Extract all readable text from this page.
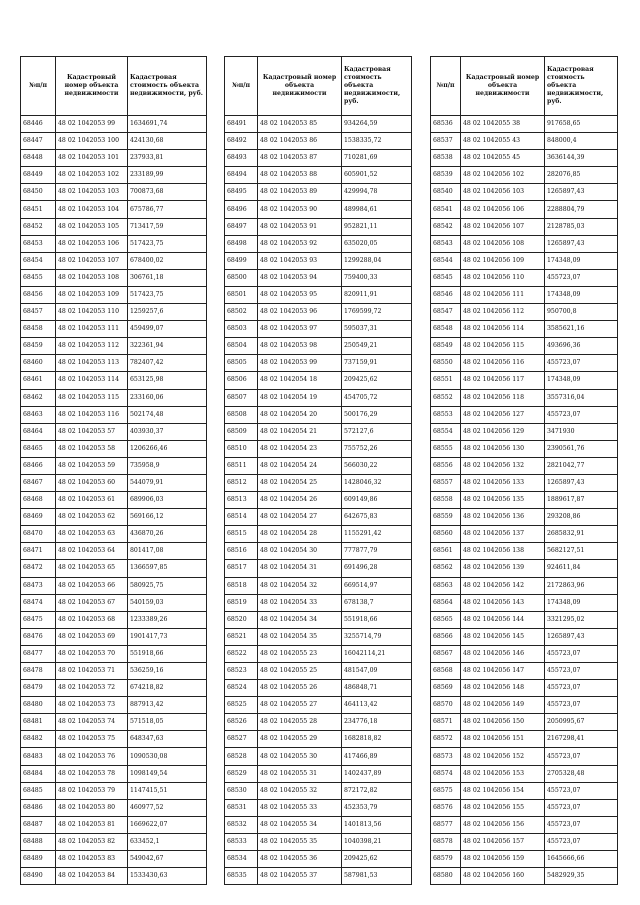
№п/п	Кадастровый номер объекта недвижимости	Кадастровая стоимость объекта недвижимости, руб.
68446	48 02 1042053 99	1634691,74
68447	48 02 1042053 100	424130,68
68448	48 02 1042053 101	237933,81
68449	48 02 1042053 102	233189,99
68450	48 02 1042053 103	700873,68
68451	48 02 1042053 104	675786,77
68452	48 02 1042053 105	713417,59
68453	48 02 1042053 106	517423,75
68454	48 02 1042053 107	678400,02
68455	48 02 1042053 108	306761,18
68456	48 02 1042053 109	517423,75
68457	48 02 1042053 110	1259257,6
68458	48 02 1042053 111	459499,07
68459	48 02 1042053 112	322361,94
68460	48 02 1042053 113	782407,42
68461	48 02 1042053 114	653125,98
68462	48 02 1042053 115	233160,06
68463	48 02 1042053 116	502174,48
68464	48 02 1042053 57	403930,37
68465	48 02 1042053 58	1206266,46
68466	48 02 1042053 59	735958,9
68467	48 02 1042053 60	544079,91
68468	48 02 1042053 61	689906,03
68469	48 02 1042053 62	569166,12
68470	48 02 1042053 63	436870,26
68471	48 02 1042053 64	801417,08
68472	48 02 1042053 65	1366597,85
68473	48 02 1042053 66	580925,75
68474	48 02 1042053 67	540159,03
68475	48 02 1042053 68	1233389,26
68476	48 02 1042053 69	1901417,73
68477	48 02 1042053 70	551918,66
68478	48 02 1042053 71	536259,16
68479	48 02 1042053 72	674218,82
68480	48 02 1042053 73	887913,42
68481	48 02 1042053 74	571518,05
68482	48 02 1042053 75	648347,63
68483	48 02 1042053 76	1090530,08
68484	48 02 1042053 78	1098149,54
68485	48 02 1042053 79	1147415,51
68486	48 02 1042053 80	460977,52
68487	48 02 1042053 81	1669622,07
68488	48 02 1042053 82	633452,1
68489	48 02 1042053 83	549042,67
68490	48 02 1042053 84	1533430,63
№п/п	Кадастровый номер объекта недвижимости	Кадастровая стоимость объекта недвижимости, руб.
68491	48 02 1042053 85	934264,59
68492	48 02 1042053 86	1538335,72
68493	48 02 1042053 87	710281,69
68494	48 02 1042053 88	605901,52
68495	48 02 1042053 89	429994,78
68496	48 02 1042053 90	489984,61
68497	48 02 1042053 91	952821,11
68498	48 02 1042053 92	635020,05
68499	48 02 1042053 93	1299288,04
68500	48 02 1042053 94	759400,33
68501	48 02 1042053 95	820911,91
68502	48 02 1042053 96	1769599,72
68503	48 02 1042053 97	595037,31
68504	48 02 1042053 98	250549,21
68505	48 02 1042053 99	737159,91
68506	48 02 1042054 18	209425,62
68507	48 02 1042054 19	454705,72
68508	48 02 1042054 20	500176,29
68509	48 02 1042054 21	572127,6
68510	48 02 1042054 23	755752,26
68511	48 02 1042054 24	566030,22
68512	48 02 1042054 25	1428046,32
68513	48 02 1042054 26	609149,86
68514	48 02 1042054 27	642675,83
68515	48 02 1042054 28	1155291,42
68516	48 02 1042054 30	777877,79
68517	48 02 1042054 31	691496,28
68518	48 02 1042054 32	669514,97
68519	48 02 1042054 33	678138,7
68520	48 02 1042054 34	551918,66
68521	48 02 1042054 35	3255714,79
68522	48 02 1042055 23	16042114,21
68523	48 02 1042055 25	481547,09
68524	48 02 1042055 26	486848,71
68525	48 02 1042055 27	464113,42
68526	48 02 1042055 28	234776,18
68527	48 02 1042055 29	1682818,82
68528	48 02 1042055 30	417466,89
68529	48 02 1042055 31	1402437,89
68530	48 02 1042055 32	872172,82
68531	48 02 1042055 33	452353,79
68532	48 02 1042055 34	1401813,56
68533	48 02 1042055 35	1040398,21
68534	48 02 1042055 36	209425,62
68535	48 02 1042055 37	587981,53
№п/п	Кадастровый номер объекта недвижимости	Кадастровая стоимость объекта недвижимости, руб.
68536	48 02 1042055 38	917658,65
68537	48 02 1042055 43	848000,4
68538	48 02 1042055 45	3636144,39
68539	48 02 1042056 102	282076,85
68540	48 02 1042056 103	1265897,43
68541	48 02 1042056 106	2288804,79
68542	48 02 1042056 107	2128785,03
68543	48 02 1042056 108	1265897,43
68544	48 02 1042056 109	174348,09
68545	48 02 1042056 110	455723,07
68546	48 02 1042056 111	174348,09
68547	48 02 1042056 112	950700,8
68548	48 02 1042056 114	3585621,16
68549	48 02 1042056 115	493696,36
68550	48 02 1042056 116	455723,07
68551	48 02 1042056 117	174348,09
68552	48 02 1042056 118	3557316,04
68553	48 02 1042056 127	455723,07
68554	48 02 1042056 129	3471930
68555	48 02 1042056 130	2390561,76
68556	48 02 1042056 132	2821042,77
68557	48 02 1042056 133	1265897,43
68558	48 02 1042056 135	1889617,87
68559	48 02 1042056 136	293208,86
68560	48 02 1042056 137	2685832,91
68561	48 02 1042056 138	5682127,51
68562	48 02 1042056 139	924611,84
68563	48 02 1042056 142	2172863,96
68564	48 02 1042056 143	174348,09
68565	48 02 1042056 144	3321295,02
68566	48 02 1042056 145	1265897,43
68567	48 02 1042056 146	455723,07
68568	48 02 1042056 147	455723,07
68569	48 02 1042056 148	455723,07
68570	48 02 1042056 149	455723,07
68571	48 02 1042056 150	2050995,67
68572	48 02 1042056 151	2167298,41
68573	48 02 1042056 152	455723,07
68574	48 02 1042056 153	2705328,48
68575	48 02 1042056 154	455723,07
68576	48 02 1042056 155	455723,07
68577	48 02 1042056 156	455723,07
68578	48 02 1042056 157	455723,07
68579	48 02 1042056 159	1645666,66
68580	48 02 1042056 160	5482929,35
